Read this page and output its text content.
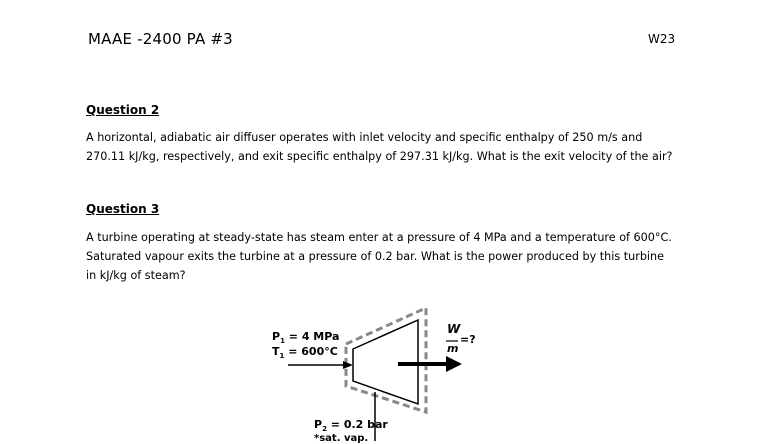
MAAE -2400 PA #3	W23
Question 2
A horizontal, adiabatic air diffuser operates with inlet velocity and specific enthalpy of 250 m/s and
270.11 kJ/kg, respectively, and exit specific enthalpy of 297.31 kJ/kg. What is the exit velocity of the air?
Question 3
A turbine operating at steady-state has steam enter at a pressure of 4 MPa and a temperature of 600°C.
Saturated vapour exits the turbine at a pressure of 0.2 bar. What is the power produced by this turbine
in kJ/kg of steam?
$P_1 = 4$ MPa
$T_1 = 600^\circ C$
W
m
=?
$P_2 = 0.2$ bar
*sat. vap.
